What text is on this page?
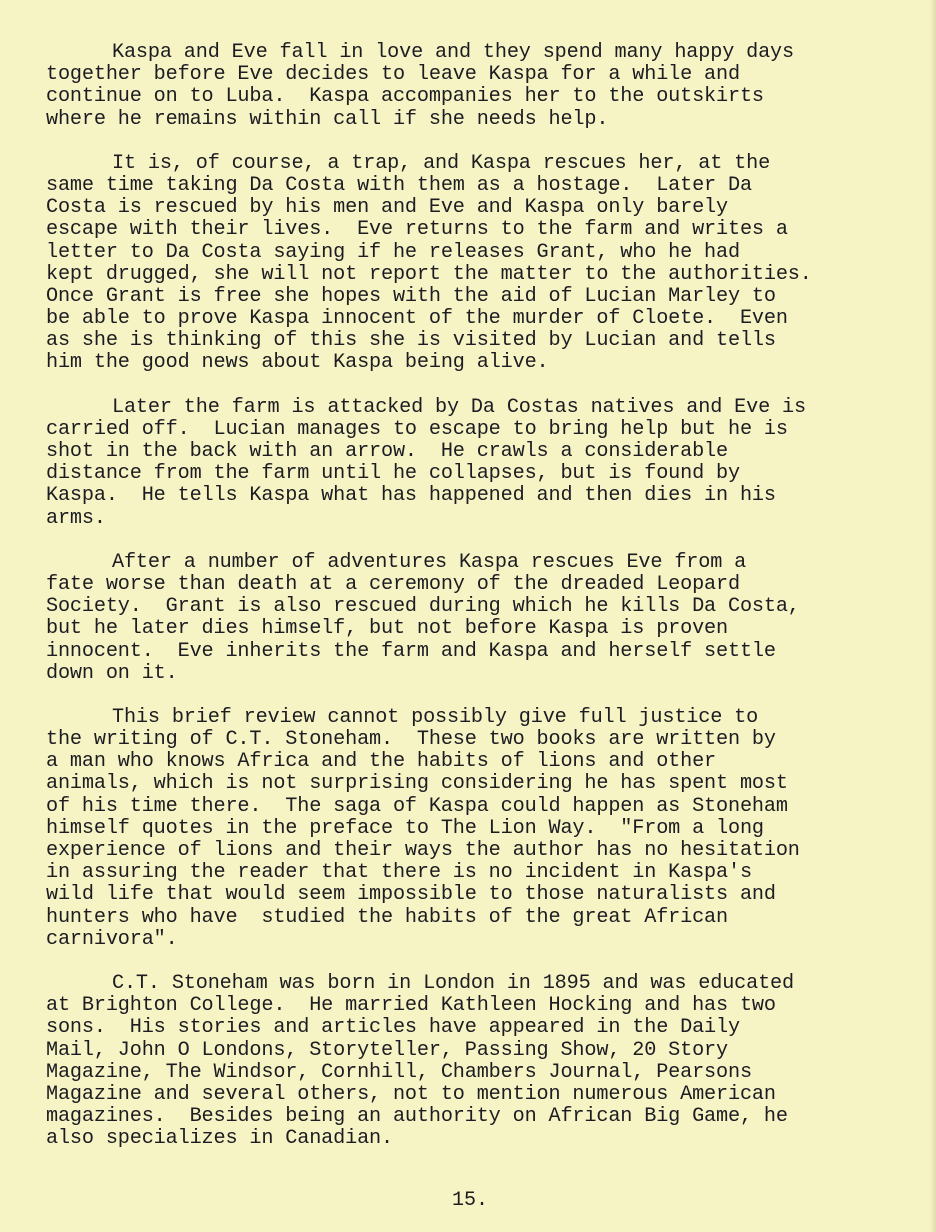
Kaspa and Eve fall in love and they spend many happy days
together before Eve decides to leave Kaspa for a while and
continue on to Luba.  Kaspa accompanies her to the outskirts
where he remains within call if she needs help.
It is, of course, a trap, and Kaspa rescues her, at the
same time taking Da Costa with them as a hostage.  Later Da
Costa is rescued by his men and Eve and Kaspa only barely
escape with their lives.  Eve returns to the farm and writes a
letter to Da Costa saying if he releases Grant, who he had
kept drugged, she will not report the matter to the authorities.
Once Grant is free she hopes with the aid of Lucian Marley to
be able to prove Kaspa innocent of the murder of Cloete.  Even
as she is thinking of this she is visited by Lucian and tells
him the good news about Kaspa being alive.
Later the farm is attacked by Da Costas natives and Eve is
carried off.  Lucian manages to escape to bring help but he is
shot in the back with an arrow.  He crawls a considerable
distance from the farm until he collapses, but is found by
Kaspa.  He tells Kaspa what has happened and then dies in his
arms.
After a number of adventures Kaspa rescues Eve from a
fate worse than death at a ceremony of the dreaded Leopard
Society.  Grant is also rescued during which he kills Da Costa,
but he later dies himself, but not before Kaspa is proven
innocent.  Eve inherits the farm and Kaspa and herself settle
down on it.
This brief review cannot possibly give full justice to
the writing of C.T. Stoneham.  These two books are written by
a man who knows Africa and the habits of lions and other
animals, which is not surprising considering he has spent most
of his time there.  The saga of Kaspa could happen as Stoneham
himself quotes in the preface to The Lion Way.  "From a long
experience of lions and their ways the author has no hesitation
in assuring the reader that there is no incident in Kaspa's
wild life that would seem impossible to those naturalists and
hunters who have  studied the habits of the great African
carnivora".
C.T. Stoneham was born in London in 1895 and was educated
at Brighton College.  He married Kathleen Hocking and has two
sons.  His stories and articles have appeared in the Daily
Mail, John O Londons, Storyteller, Passing Show, 20 Story
Magazine, The Windsor, Cornhill, Chambers Journal, Pearsons
Magazine and several others, not to mention numerous American
magazines.  Besides being an authority on African Big Game, he
also specializes in Canadian.
15.
